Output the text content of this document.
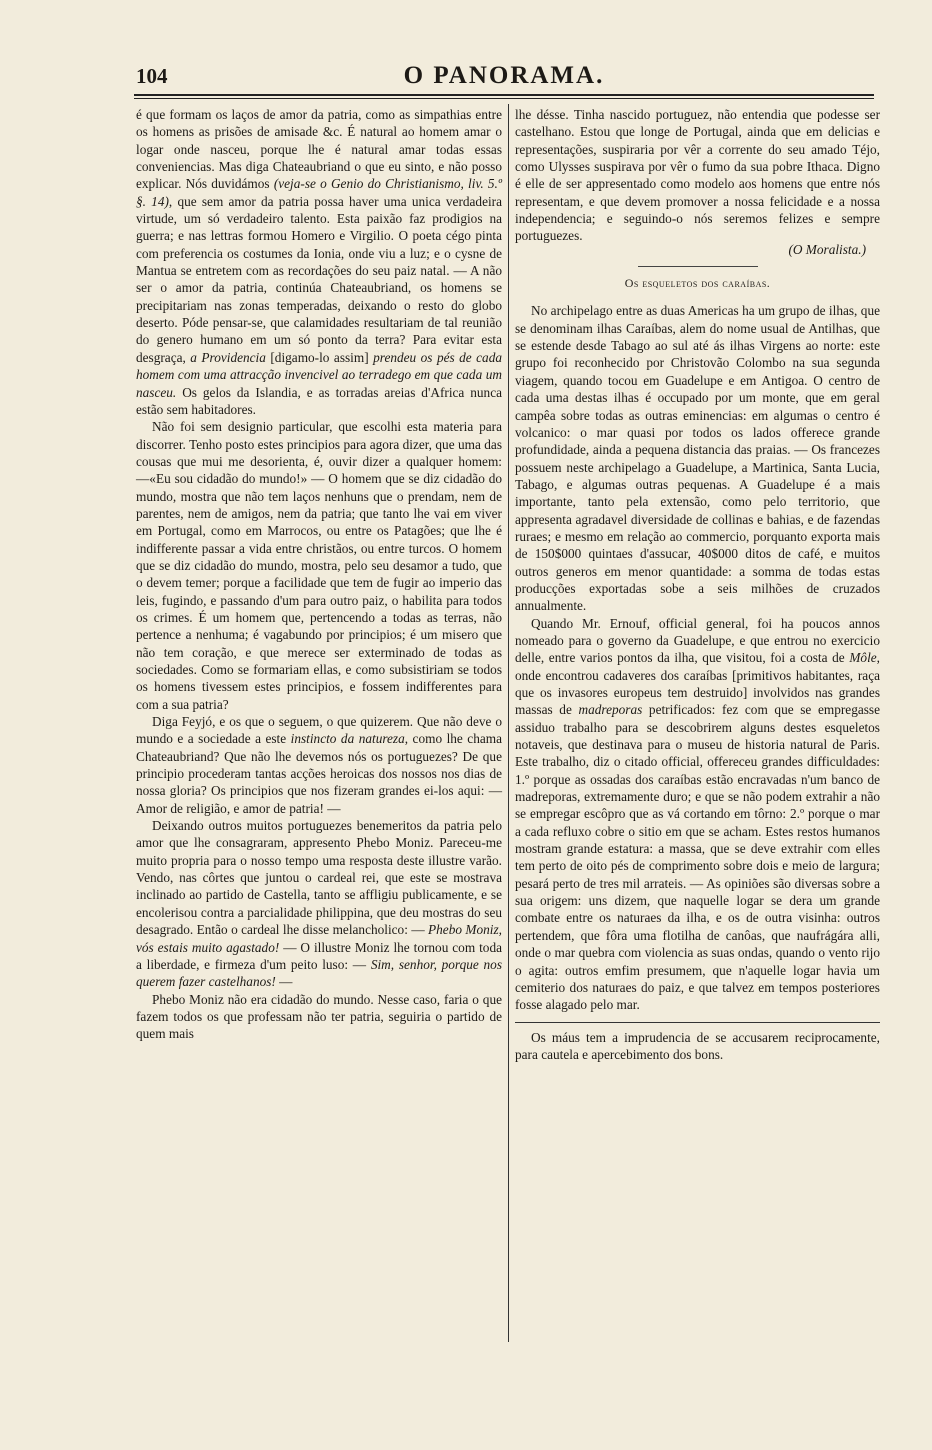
104	O PANORAMA.

é que formam os laços de amor da patria, como as simpathias entre os homens as prisões de amisade &c. É natural ao homem amar o logar onde nasceu, porque lhe é natural amar todas essas conveniencias. Mas diga Chateaubriand o que eu sinto, e não posso explicar. Nós duvidámos (veja-se o Genio do Christianismo, liv. 5.º §. 14), que sem amor da patria possa haver uma unica verdadeira virtude, um só verdadeiro talento. Esta paixão faz prodigios na guerra; e nas lettras formou Homero e Virgilio. O poeta cégo pinta com preferencia os costumes da Ionia, onde viu a luz; e o cysne de Mantua se entretem com as recordações do seu paiz natal. — A não ser o amor da patria, continúa Chateaubriand, os homens se precipitariam nas zonas temperadas, deixando o resto do globo deserto. Póde pensar-se, que calamidades resultariam de tal reunião do genero humano em um só ponto da terra? Para evitar esta desgraça, a Providencia [digamo-lo assim] prendeu os pés de cada homem com uma attracção invencivel ao terradego em que cada um nasceu. Os gelos da Islandia, e as torradas areias d'Africa nunca estão sem habitadores.

Não foi sem designio particular, que escolhi esta materia para discorrer. Tenho posto estes principios para agora dizer, que uma das cousas que mui me desorienta, é, ouvir dizer a qualquer homem: —«Eu sou cidadão do mundo!» — O homem que se diz cidadão do mundo, mostra que não tem laços nenhuns que o prendam, nem de parentes, nem de amigos, nem da patria; que tanto lhe vai em viver em Portugal, como em Marrocos, ou entre os Patagões; que lhe é indifferente passar a vida entre christãos, ou entre turcos. O homem que se diz cidadão do mundo, mostra, pelo seu desamor a tudo, que o devem temer; porque a facilidade que tem de fugir ao imperio das leis, fugindo, e passando d'um para outro paiz, o habilita para todos os crimes. É um homem que, pertencendo a todas as terras, não pertence a nenhuma; é vagabundo por principios; é um misero que não tem coração, e que merece ser exterminado de todas as sociedades. Como se formariam ellas, e como subsistiriam se todos os homens tivessem estes principios, e fossem indifferentes para com a sua patria?

Diga Feyjó, e os que o seguem, o que quizerem. Que não deve o mundo e a sociedade a este instincto da natureza, como lhe chama Chateaubriand? Que não lhe devemos nós os portuguezes? De que principio procederam tantas acções heroicas dos nossos nos dias de nossa gloria? Os principios que nos fizeram grandes ei-los aqui: — Amor de religião, e amor de patria! —

Deixando outros muitos portuguezes benemeritos da patria pelo amor que lhe consagraram, appresento Phebo Moniz. Pareceu-me muito propria para o nosso tempo uma resposta deste illustre varão. Vendo, nas côrtes que juntou o cardeal rei, que este se mostrava inclinado ao partido de Castella, tanto se affligiu publicamente, e se encolerisou contra a parcialidade philippina, que deu mostras do seu desagrado. Então o cardeal lhe disse melancholico: — Phebo Moniz, vós estais muito agastado! — O illustre Moniz lhe tornou com toda a liberdade, e firmeza d'um peito luso: — Sim, senhor, porque nos querem fazer castelhanos! —

Phebo Moniz não era cidadão do mundo. Nesse caso, faria o que fazem todos os que professam não ter patria, seguiria o partido de quem mais

lhe désse. Tinha nascido portuguez, não entendia que podesse ser castelhano. Estou que longe de Portugal, ainda que em delicias e representações, suspiraria por vêr a corrente do seu amado Téjo, como Ulysses suspirava por vêr o fumo da sua pobre Ithaca. Digno é elle de ser appresentado como modelo aos homens que entre nós representam, e que devem promover a nossa felicidade e a nossa independencia; e seguindo-o nós seremos felizes e sempre portuguezes.

(O Moralista.)

Os esqueletos dos caraíbas.

No archipelago entre as duas Americas ha um grupo de ilhas, que se denominam ilhas Caraíbas, alem do nome usual de Antilhas, que se estende desde Tabago ao sul até ás ilhas Virgens ao norte: este grupo foi reconhecido por Christovão Colombo na sua segunda viagem, quando tocou em Guadelupe e em Antigoa. O centro de cada uma destas ilhas é occupado por um monte, que em geral campêa sobre todas as outras eminencias: em algumas o centro é volcanico: o mar quasi por todos os lados offerece grande profundidade, ainda a pequena distancia das praias. — Os francezes possuem neste archipelago a Guadelupe, a Martinica, Santa Lucia, Tabago, e algumas outras pequenas. A Guadelupe é a mais importante, tanto pela extensão, como pelo territorio, que appresenta agradavel diversidade de collinas e bahias, e de fazendas ruraes; e mesmo em relação ao commercio, porquanto exporta mais de 150$000 quintaes d'assucar, 40$000 ditos de café, e muitos outros generos em menor quantidade: a somma de todas estas producções exportadas sobe a seis milhões de cruzados annualmente.

Quando Mr. Ernouf, official general, foi ha poucos annos nomeado para o governo da Guadelupe, e que entrou no exercicio delle, entre varios pontos da ilha, que visitou, foi a costa de Môle, onde encontrou cadaveres dos caraíbas [primitivos habitantes, raça que os invasores europeus tem destruido] involvidos nas grandes massas de madreporas petrificados: fez com que se empregasse assiduo trabalho para se descobrirem alguns destes esqueletos notaveis, que destinava para o museu de historia natural de Paris. Este trabalho, diz o citado official, offereceu grandes difficuldades: 1.º porque as ossadas dos caraíbas estão encravadas n'um banco de madreporas, extremamente duro; e que se não podem extrahir a não se empregar escôpro que as vá cortando em tôrno: 2.º porque o mar a cada refluxo cobre o sitio em que se acham. Estes restos humanos mostram grande estatura: a massa, que se deve extrahir com elles tem perto de oito pés de comprimento sobre dois e meio de largura; pesará perto de tres mil arrateis. — As opiniões são diversas sobre a sua origem: uns dizem, que naquelle logar se dera um grande combate entre os naturaes da ilha, e os de outra visinha: outros pertendem, que fôra uma flotilha de canôas, que naufrágára alli, onde o mar quebra com violencia as suas ondas, quando o vento rijo o agita: outros emfim presumem, que n'aquelle logar havia um cemiterio dos naturaes do paiz, e que talvez em tempos posteriores fosse alagado pelo mar.

Os máus tem a imprudencia de se accusarem reciprocamente, para cautela e apercebimento dos bons.
